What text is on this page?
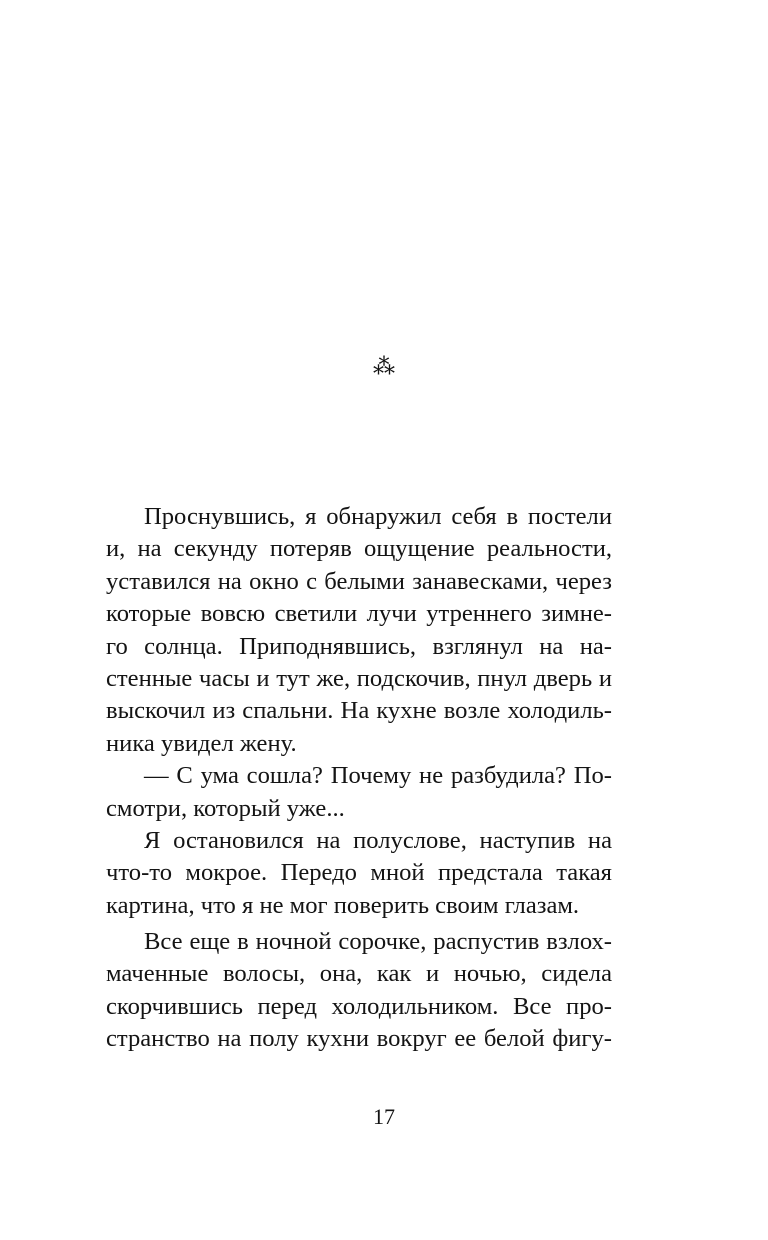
⁂
Проснувшись, я обнаружил себя в постели
и, на секунду потеряв ощущение реальности,
уставился на окно с белыми занавесками, через
которые вовсю светили лучи утреннего зимне-
го солнца. Приподнявшись, взглянул на на-
стенные часы и тут же, подскочив, пнул дверь и
выскочил из спальни. На кухне возле холодиль-
ника увидел жену.
— С ума сошла? Почему не разбудила? По-
смотри, который уже...
Я остановился на полуслове, наступив на
что-то мокрое. Передо мной предстала такая
картина, что я не мог поверить своим глазам.
Все еще в ночной сорочке, распустив взлох-
маченные волосы, она, как и ночью, сидела
скорчившись перед холодильником. Все про-
странство на полу кухни вокруг ее белой фигу-
17
